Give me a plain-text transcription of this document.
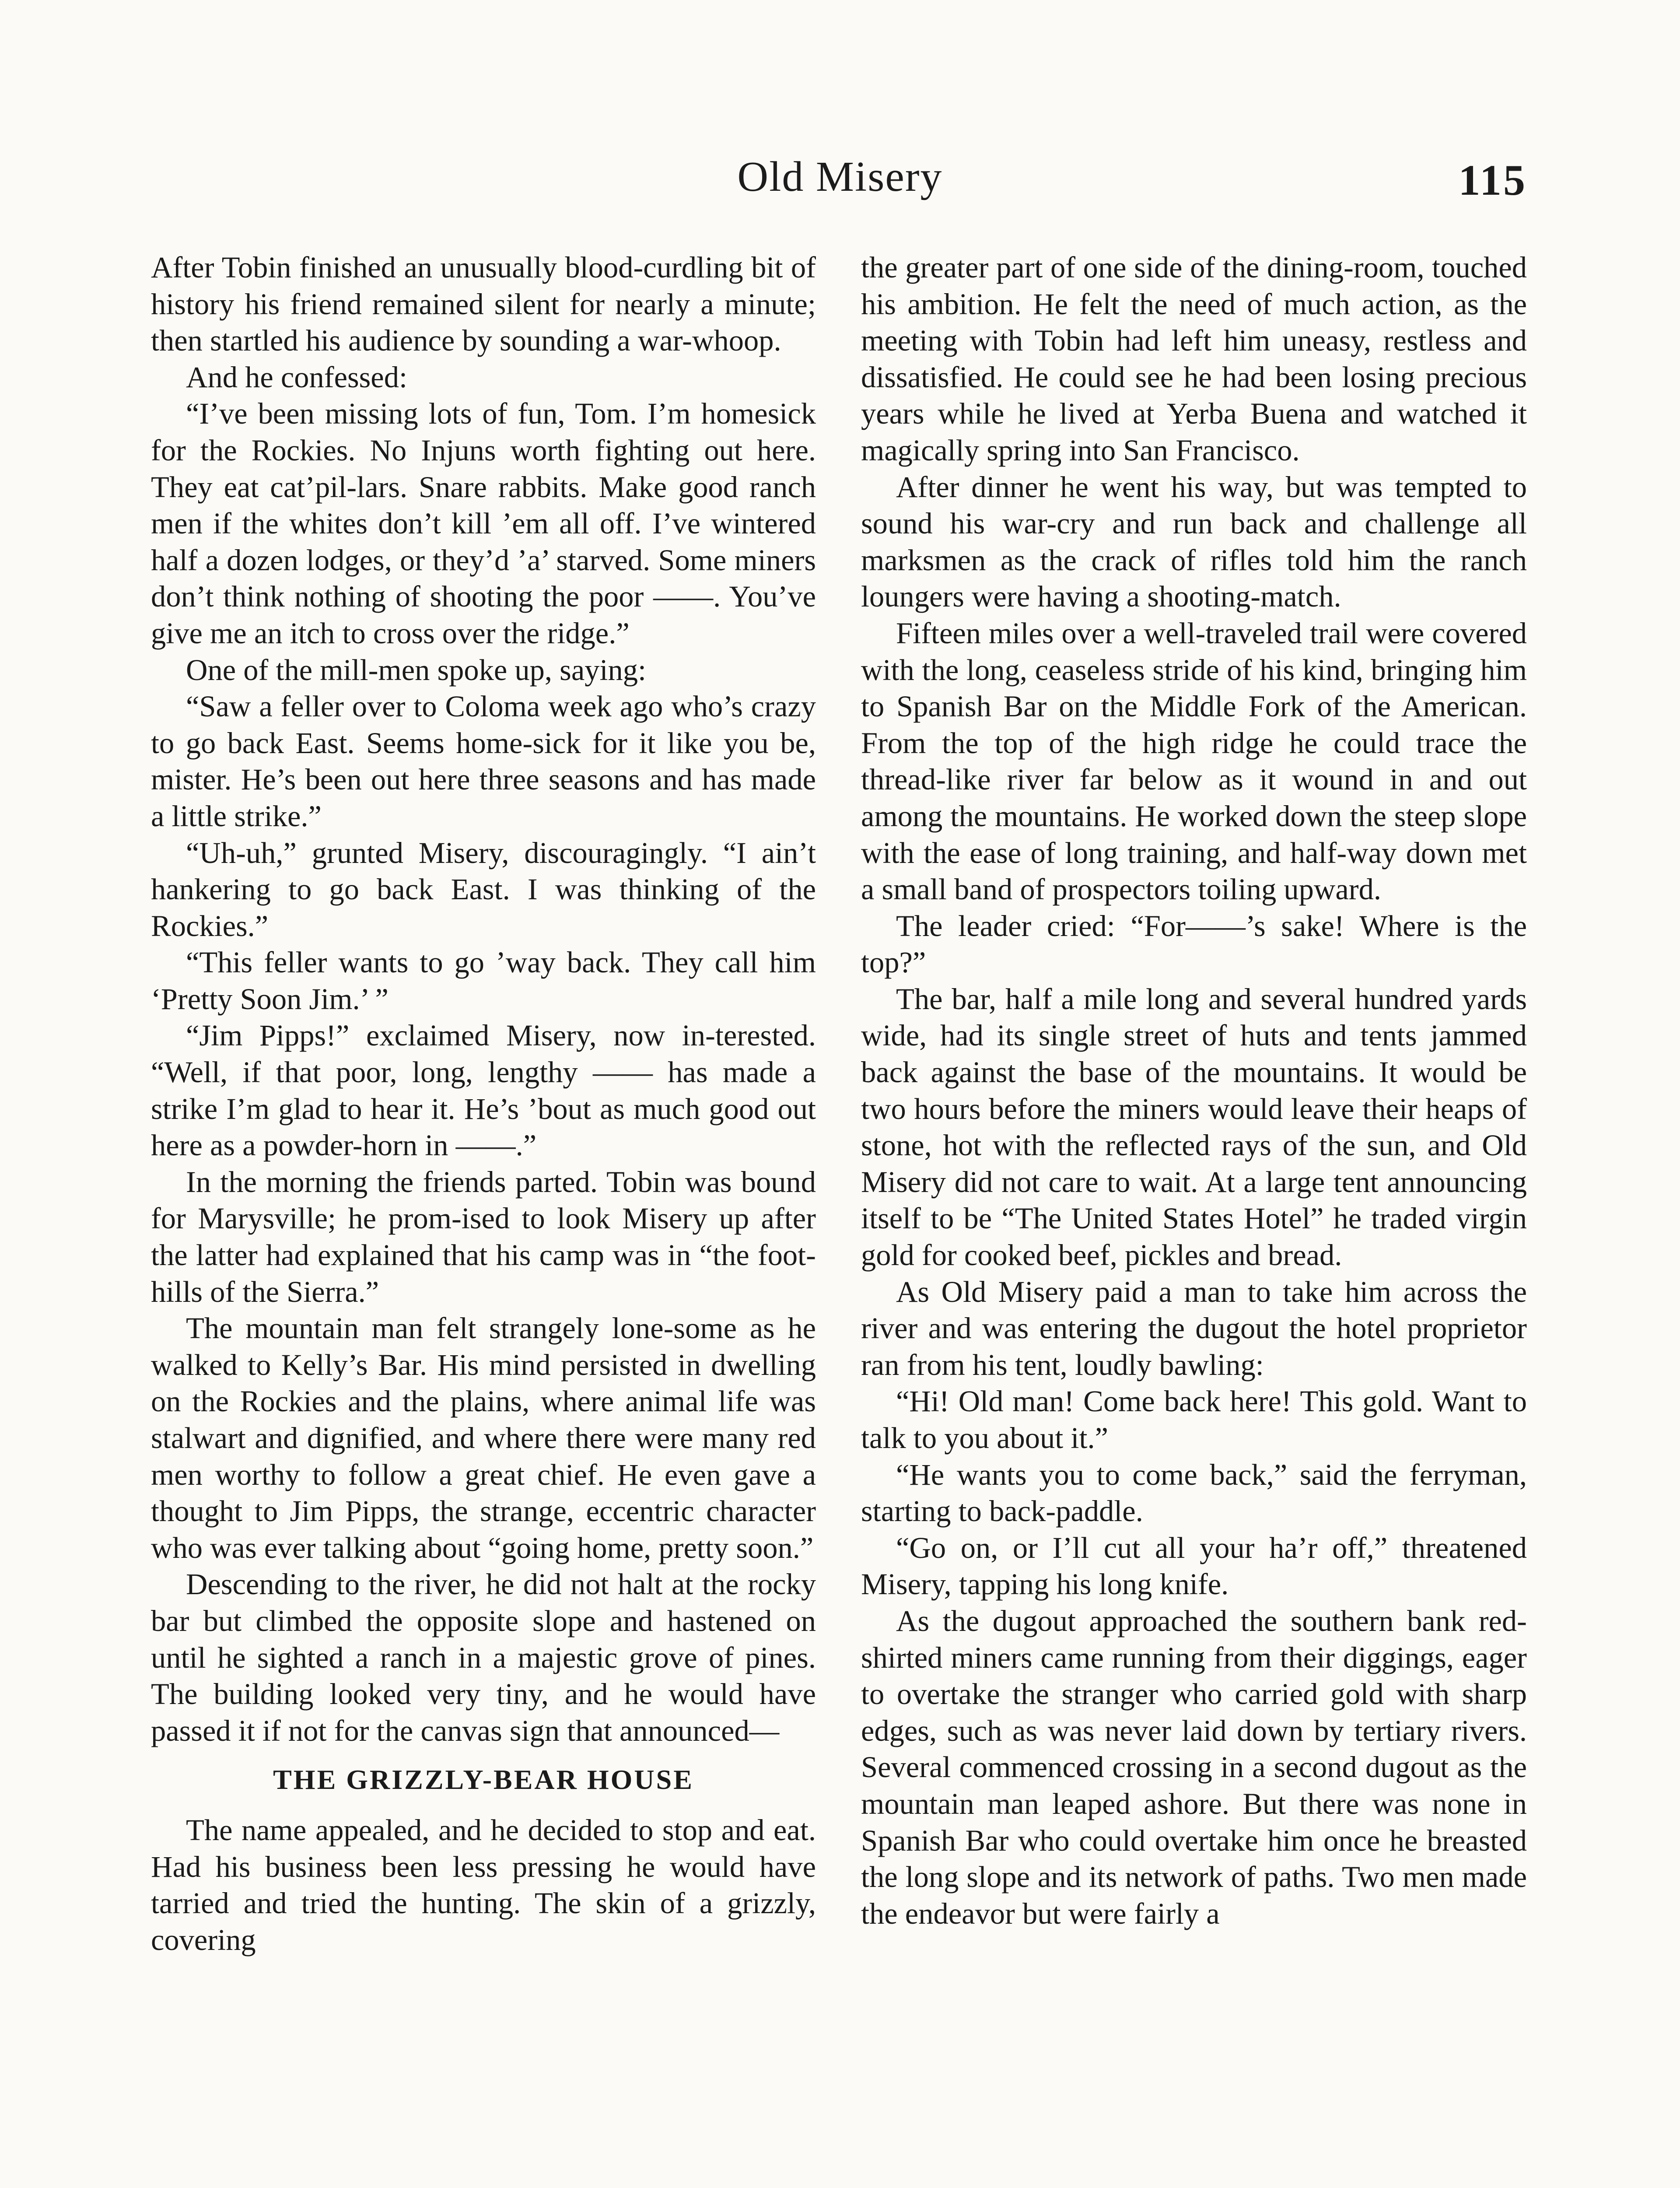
Old Misery	115

After Tobin finished an unusually blood-curdling bit of history his friend remained silent for nearly a minute; then startled his audience by sounding a war-whoop.

And he confessed:

“I’ve been missing lots of fun, Tom. I’m homesick for the Rockies. No Injuns worth fighting out here. They eat cat’pil-lars. Snare rabbits. Make good ranch men if the whites don’t kill ’em all off. I’ve wintered half a dozen lodges, or they’d ’a’ starved. Some miners don’t think nothing of shooting the poor ——. You’ve give me an itch to cross over the ridge.”

One of the mill-men spoke up, saying:

“Saw a feller over to Coloma week ago who’s crazy to go back East. Seems home-sick for it like you be, mister. He’s been out here three seasons and has made a little strike.”

“Uh-uh,” grunted Misery, discouragingly. “I ain’t hankering to go back East. I was thinking of the Rockies.”

“This feller wants to go ’way back. They call him ‘Pretty Soon Jim.’ ”

“Jim Pipps!” exclaimed Misery, now in-terested. “Well, if that poor, long, lengthy —— has made a strike I’m glad to hear it. He’s ’bout as much good out here as a powder-horn in ——.”

In the morning the friends parted. Tobin was bound for Marysville; he prom-ised to look Misery up after the latter had explained that his camp was in “the foot-hills of the Sierra.”

The mountain man felt strangely lone-some as he walked to Kelly’s Bar. His mind persisted in dwelling on the Rockies and the plains, where animal life was stalwart and dignified, and where there were many red men worthy to follow a great chief. He even gave a thought to Jim Pipps, the strange, eccentric character who was ever talking about “going home, pretty soon.”

Descending to the river, he did not halt at the rocky bar but climbed the opposite slope and hastened on until he sighted a ranch in a majestic grove of pines. The building looked very tiny, and he would have passed it if not for the canvas sign that announced—

THE GRIZZLY-BEAR HOUSE

The name appealed, and he decided to stop and eat. Had his business been less pressing he would have tarried and tried the hunting. The skin of a grizzly, covering

the greater part of one side of the dining-room, touched his ambition. He felt the need of much action, as the meeting with Tobin had left him uneasy, restless and dissatisfied. He could see he had been losing precious years while he lived at Yerba Buena and watched it magically spring into San Francisco.

After dinner he went his way, but was tempted to sound his war-cry and run back and challenge all marksmen as the crack of rifles told him the ranch loungers were having a shooting-match.

Fifteen miles over a well-traveled trail were covered with the long, ceaseless stride of his kind, bringing him to Spanish Bar on the Middle Fork of the American. From the top of the high ridge he could trace the thread-like river far below as it wound in and out among the mountains. He worked down the steep slope with the ease of long training, and half-way down met a small band of prospectors toiling upward.

The leader cried: “For——’s sake! Where is the top?”

The bar, half a mile long and several hundred yards wide, had its single street of huts and tents jammed back against the base of the mountains. It would be two hours before the miners would leave their heaps of stone, hot with the reflected rays of the sun, and Old Misery did not care to wait. At a large tent announcing itself to be “The United States Hotel” he traded virgin gold for cooked beef, pickles and bread.

As Old Misery paid a man to take him across the river and was entering the dugout the hotel proprietor ran from his tent, loudly bawling:

“Hi! Old man! Come back here! This gold. Want to talk to you about it.”

“He wants you to come back,” said the ferryman, starting to back-paddle.

“Go on, or I’ll cut all your ha’r off,” threatened Misery, tapping his long knife.

As the dugout approached the southern bank red-shirted miners came running from their diggings, eager to overtake the stranger who carried gold with sharp edges, such as was never laid down by tertiary rivers. Several commenced crossing in a second dugout as the mountain man leaped ashore. But there was none in Spanish Bar who could overtake him once he breasted the long slope and its network of paths. Two men made the endeavor but were fairly a
